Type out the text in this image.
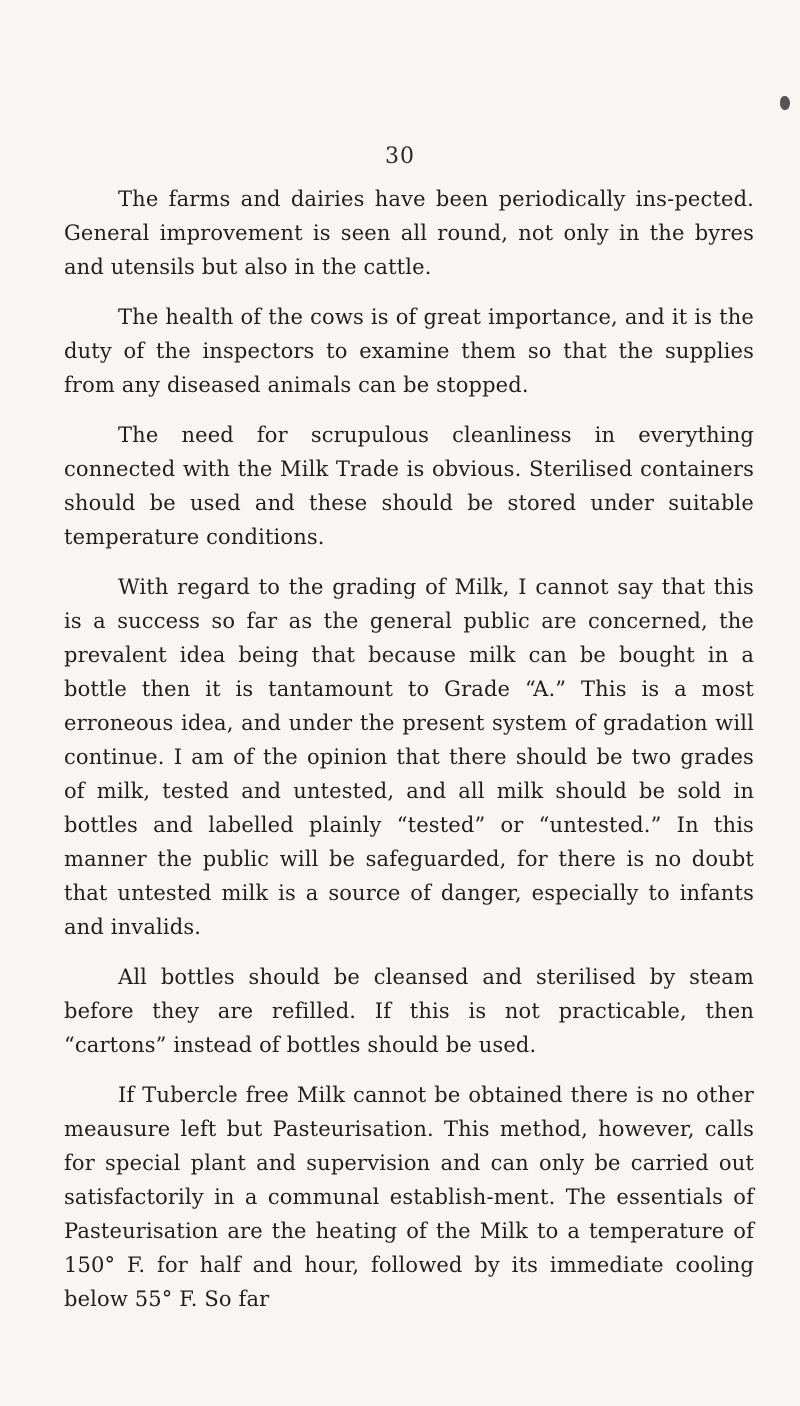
30

The farms and dairies have been periodically ins-pected. General improvement is seen all round, not only in the byres and utensils but also in the cattle.

The health of the cows is of great importance, and it is the duty of the inspectors to examine them so that the supplies from any diseased animals can be stopped.

The need for scrupulous cleanliness in everything connected with the Milk Trade is obvious. Sterilised containers should be used and these should be stored under suitable temperature conditions.

With regard to the grading of Milk, I cannot say that this is a success so far as the general public are concerned, the prevalent idea being that because milk can be bought in a bottle then it is tantamount to Grade “A.” This is a most erroneous idea, and under the present system of gradation will continue. I am of the opinion that there should be two grades of milk, tested and untested, and all milk should be sold in bottles and labelled plainly “tested” or “untested.” In this manner the public will be safeguarded, for there is no doubt that untested milk is a source of danger, especially to infants and invalids.

All bottles should be cleansed and sterilised by steam before they are refilled. If this is not practicable, then “cartons” instead of bottles should be used.

If Tubercle free Milk cannot be obtained there is no other meausure left but Pasteurisation. This method, however, calls for special plant and supervision and can only be carried out satisfactorily in a communal establish-ment. The essentials of Pasteurisation are the heating of the Milk to a temperature of 150° F. for half and hour, followed by its immediate cooling below 55° F. So far
